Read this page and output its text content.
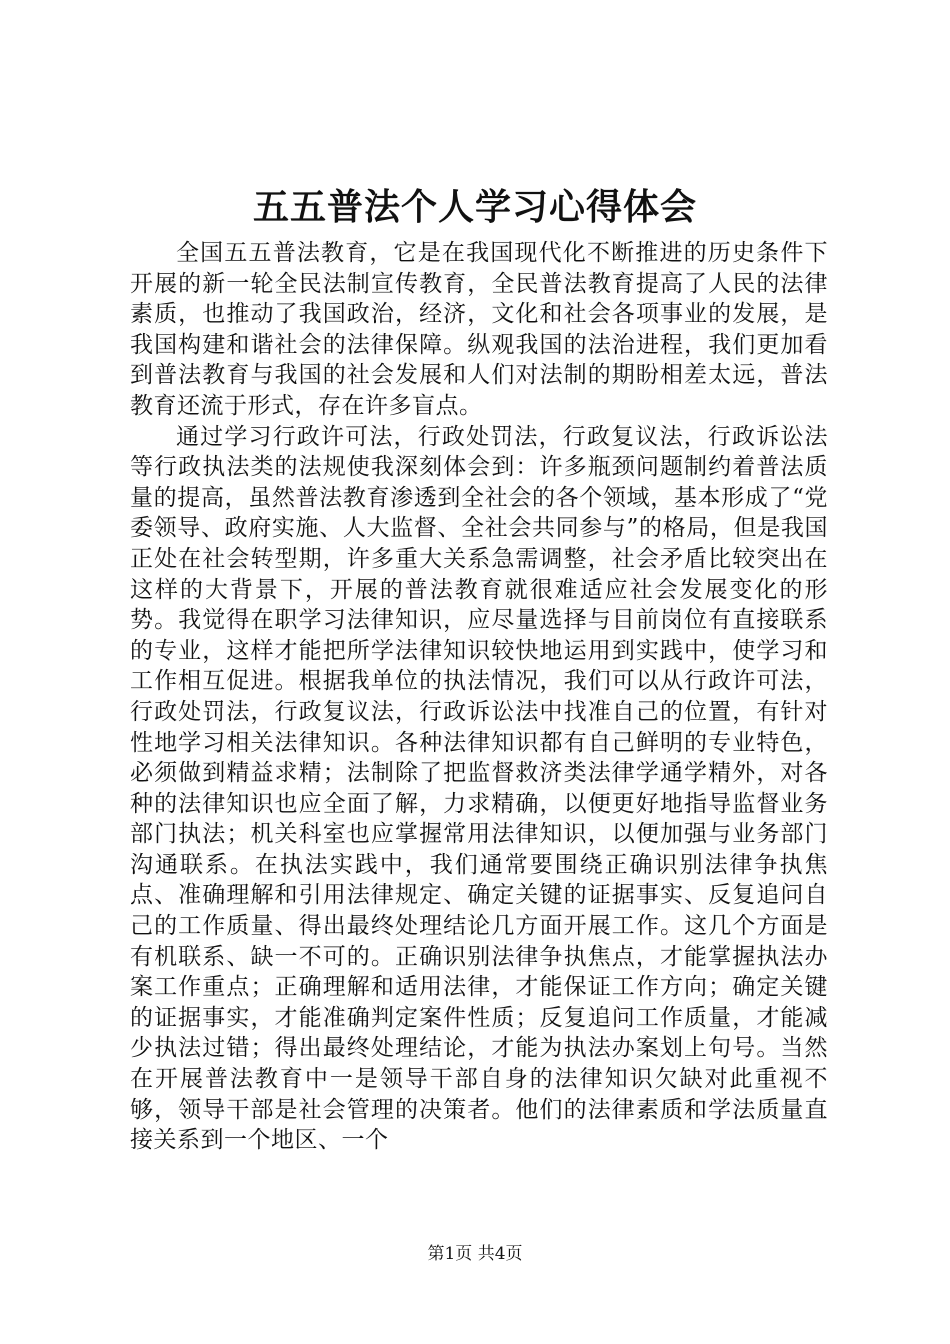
五五普法个人学习心得体会

全国五五普法教育，它是在我国现代化不断推进的历史条件下开展的新一轮全民法制宣传教育，全民普法教育提高了人民的法律素质，也推动了我国政治，经济，文化和社会各项事业的发展，是我国构建和谐社会的法律保障。纵观我国的法治进程，我们更加看到普法教育与我国的社会发展和人们对法制的期盼相差太远，普法教育还流于形式，存在许多盲点。

通过学习行政许可法，行政处罚法，行政复议法，行政诉讼法等行政执法类的法规使我深刻体会到：许多瓶颈问题制约着普法质量的提高，虽然普法教育渗透到全社会的各个领域，基本形成了“党委领导、政府实施、人大监督、全社会共同参与”的格局，但是我国正处在社会转型期，许多重大关系急需调整，社会矛盾比较突出在这样的大背景下，开展的普法教育就很难适应社会发展变化的形势。我觉得在职学习法律知识，应尽量选择与目前岗位有直接联系的专业，这样才能把所学法律知识较快地运用到实践中，使学习和工作相互促进。根据我单位的执法情况，我们可以从行政许可法，行政处罚法，行政复议法，行政诉讼法中找准自己的位置，有针对性地学习相关法律知识。各种法律知识都有自己鲜明的专业特色，必须做到精益求精；法制除了把监督救济类法律学通学精外，对各种的法律知识也应全面了解，力求精确，以便更好地指导监督业务部门执法；机关科室也应掌握常用法律知识，以便加强与业务部门沟通联系。在执法实践中，我们通常要围绕正确识别法律争执焦点、准确理解和引用法律规定、确定关键的证据事实、反复追问自己的工作质量、得出最终处理结论几方面开展工作。这几个方面是有机联系、缺一不可的。正确识别法律争执焦点，才能掌握执法办案工作重点；正确理解和适用法律，才能保证工作方向；确定关键的证据事实，才能准确判定案件性质；反复追问工作质量，才能减少执法过错；得出最终处理结论，才能为执法办案划上句号。当然在开展普法教育中一是领导干部自身的法律知识欠缺对此重视不够，领导干部是社会管理的决策者。他们的法律素质和学法质量直接关系到一个地区、一个

第1页 共4页
